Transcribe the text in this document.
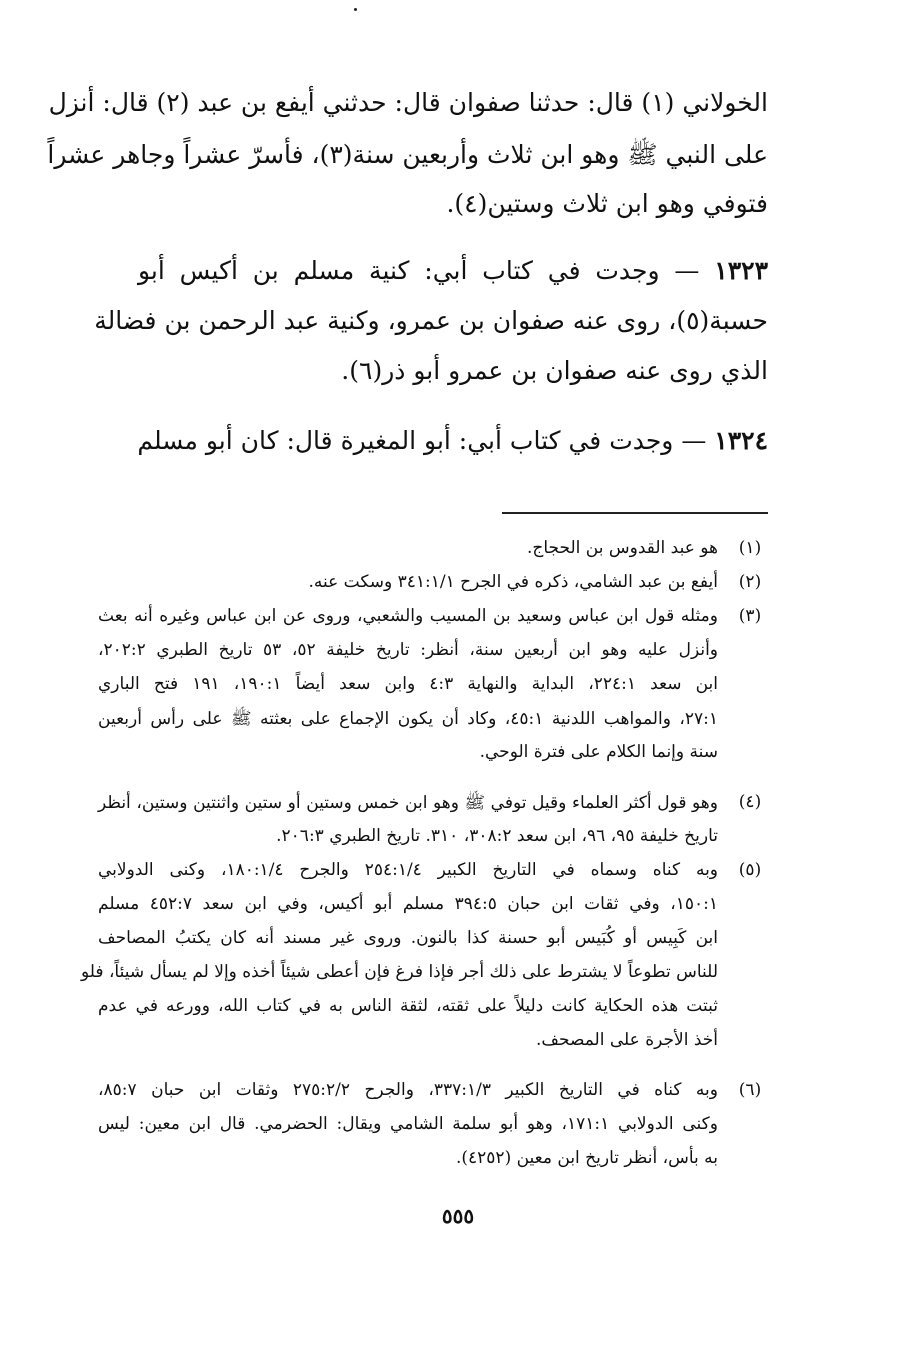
الخولاني (١) قال: حدثنا صفوان قال: حدثني أيفع بن عبد (٢) قال: أنزل
على النبي ﷺ وهو ابن ثلاث وأربعين سنة(٣)، فأسرّ عشراً وجاهر عشراً
فتوفي وهو ابن ثلاث وستين(٤).
١٣٢٣ — وجدت في كتاب أبي: كنية مسلم بن أكيس أبو
حسبة(٥)، روى عنه صفوان بن عمرو، وكنية عبد الرحمن بن فضالة
الذي روى عنه صفوان بن عمرو أبو ذر(٦).
١٣٢٤ — وجدت في كتاب أبي: أبو المغيرة قال: كان أبو مسلم
(١)
هو عبد القدوس بن الحجاج.
(٢)
أيفع بن عبد الشامي، ذكره في الجرح ٣٤١:١/١ وسكت عنه.
(٣)
ومثله قول ابن عباس وسعيد بن المسيب والشعبي، وروى عن ابن عباس وغيره أنه بعث
وأنزل عليه وهو ابن أربعين سنة، أنظر: تاريخ خليفة ٥٢، ٥٣ تاريخ الطبري ٢٠٢:٢،
ابن سعد ٢٢٤:١، البداية والنهاية ٤:٣ وابن سعد أيضاً ١٩٠:١، ١٩١ فتح الباري
٢٧:١، والمواهب اللدنية ٤٥:١، وكاد أن يكون الإجماع على بعثته ﷺ على رأس أربعين
سنة وإنما الكلام على فترة الوحي.
(٤)
وهو قول أكثر العلماء وقيل توفي ﷺ وهو ابن خمس وستين أو ستين واثنتين وستين، أنظر
تاريخ خليفة ٩٥، ٩٦، ابن سعد ٣٠٨:٢، ٣١٠. تاريخ الطبري ٢٠٦:٣.
(٥)
وبه كناه وسماه في التاريخ الكبير ٢٥٤:١/٤ والجرح ١٨٠:١/٤، وكنى الدولابي
١٥٠:١، وفي ثقات ابن حبان ٣٩٤:٥ مسلم أبو أكيس، وفي ابن سعد ٤٥٢:٧ مسلم
ابن كَبِيس أو كُبَيس أبو حسنة كذا بالنون. وروى غير مسند أنه كان يكتبُ المصاحف
للناس تطوعاً لا يشترط على ذلك أجر فإذا فرغ فإن أعطى شيئاً أخذه وإلا لم يسأل شيئاً، فلو
ثبتت هذه الحكاية كانت دليلاً على ثقته، لثقة الناس به في كتاب الله، وورعه في عدم
أخذ الأجرة على المصحف.
(٦)
وبه كناه في التاريخ الكبير ٣٣٧:١/٣، والجرح ٢٧٥:٢/٢ وثقات ابن حبان ٨٥:٧،
وكنى الدولابي ١٧١:١، وهو أبو سلمة الشامي ويقال: الحضرمي. قال ابن معين: ليس
به بأس، أنظر تاريخ ابن معين (٤٢٥٢).
٥٥٥
